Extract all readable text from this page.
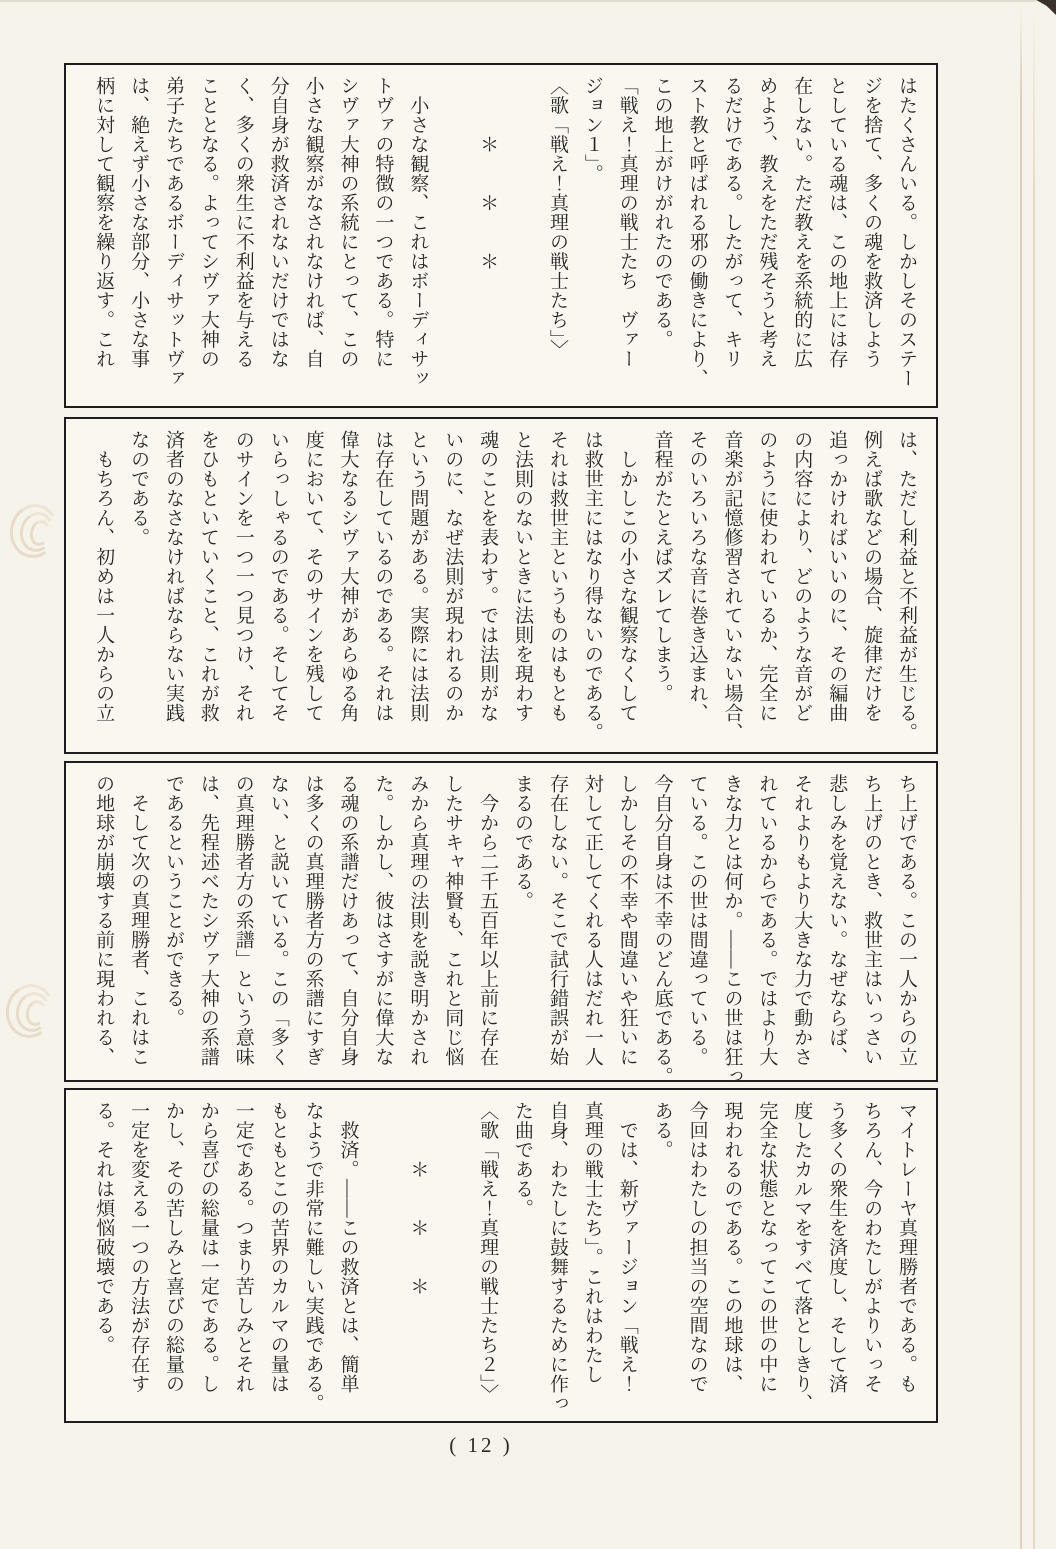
はたくさんいる。しかしそのステー
ジを捨て、多くの魂を救済しよう
としている魂は、この地上には存
在しない。ただ教えを系統的に広
めよう、教えをただ残そうと考え
るだけである。したがって、キリ
スト教と呼ばれる邪の働きにより、
この地上がけがれたのである。
「戦え！真理の戦士たち　ヴァー
ジョン１」。
〈歌「戦え！真理の戦士たち」〉

　　　＊　　＊　　＊

　小さな観察、これはボーディサッ
トヴァの特徴の一つである。特に
シヴァ大神の系統にとって、この
小さな観察がなされなければ、自
分自身が救済されないだけではな
く、多くの衆生に不利益を与える
こととなる。よってシヴァ大神の
弟子たちであるボーディサットヴァ
は、絶えず小さな部分、小さな事
柄に対して観察を繰り返す。これ
は、ただし利益と不利益が生じる。
例えば歌などの場合、旋律だけを
追っかければいいのに、その編曲
の内容により、どのような音がど
のように使われているか、完全に
音楽が記憶修習されていない場合、
そのいろいろな音に巻き込まれ、
音程がたとえばズレてしまう。
　しかしこの小さな観察なくして
は救世主にはなり得ないのである。
それは救世主というものはもとも
と法則のないときに法則を現わす
魂のことを表わす。では法則がな
いのに、なぜ法則が現われるのか
という問題がある。実際には法則
は存在しているのである。それは
偉大なるシヴァ大神があらゆる角
度において、そのサインを残して
いらっしゃるのである。そしてそ
のサインを一つ一つ見つけ、それ
をひもといていくこと、これが救
済者のなさなければならない実践
なのである。
　もちろん、初めは一人からの立
ち上げである。この一人からの立
ち上げのとき、救世主はいっさい
悲しみを覚えない。なぜならば、
それよりもより大きな力で動かさ
れているからである。ではより大
きな力とは何か。――この世は狂っ
ている。この世は間違っている。
今自分自身は不幸のどん底である。
しかしその不幸や間違いや狂いに
対して正してくれる人はだれ一人
存在しない。そこで試行錯誤が始
まるのである。
　今から二千五百年以上前に存在
したサキャ神賢も、これと同じ悩
みから真理の法則を説き明かされ
た。しかし、彼はさすがに偉大な
る魂の系譜だけあって、自分自身
は多くの真理勝者方の系譜にすぎ
ない、と説いている。この「多く
の真理勝者方の系譜」という意味
は、先程述べたシヴァ大神の系譜
であるということができる。
　そして次の真理勝者、これはこ
の地球が崩壊する前に現われる、
マイトレーヤ真理勝者である。も
ちろん、今のわたしがよりいっそ
う多くの衆生を済度し、そして済
度したカルマをすべて落としきり、
完全な状態となってこの世の中に
現われるのである。この地球は、
今回はわたしの担当の空間なので
ある。
　では、新ヴァージョン「戦え！
真理の戦士たち」。これはわたし
自身、わたしに鼓舞するために作っ
た曲である。
〈歌「戦え！真理の戦士たち２」〉

　　　＊　　＊　　＊

　救済。――この救済とは、簡単
なようで非常に難しい実践である。
もともとこの苦界のカルマの量は
一定である。つまり苦しみとそれ
から喜びの総量は一定である。し
かし、その苦しみと喜びの総量の
一定を変える一つの方法が存在す
る。それは煩悩破壊である。
( 12 )
